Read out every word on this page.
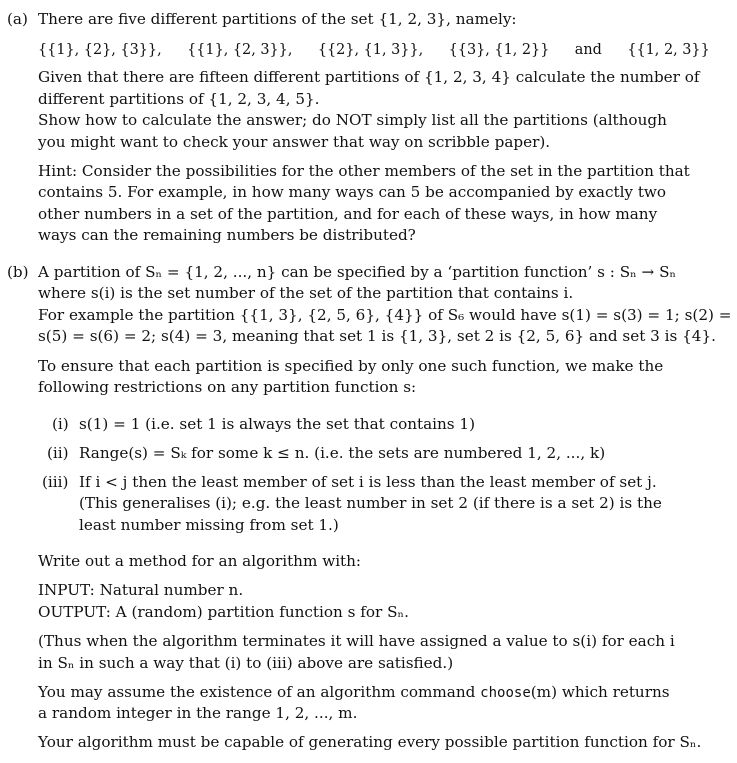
(a) There are five different partitions of the set {1, 2, 3}, namely:
{{1}, {2}, {3}}, {{1}, {2, 3}}, {{2}, {1, 3}}, {{3}, {1, 2}} and {{1, 2, 3}}
Given that there are fifteen different partitions of {1, 2, 3, 4} calculate the number of
different partitions of {1, 2, 3, 4, 5}.
Show how to calculate the answer; do NOT simply list all the partitions (although
you might want to check your answer that way on scribble paper).
Hint: Consider the possibilities for the other members of the set in the partition that
contains 5. For example, in how many ways can 5 be accompanied by exactly two
other numbers in a set of the partition, and for each of these ways, in how many
ways can the remaining numbers be distributed?
(b) A partition of Sₙ = {1, 2, ..., n} can be specified by a ‘partition function’ s : Sₙ → Sₙ
where s(i) is the set number of the set of the partition that contains i.
For example the partition {{1, 3}, {2, 5, 6}, {4}} of S₆ would have s(1) = s(3) = 1; s(2) =
s(5) = s(6) = 2; s(4) = 3, meaning that set 1 is {1, 3}, set 2 is {2, 5, 6} and set 3 is {4}.
To ensure that each partition is specified by only one such function, we make the
following restrictions on any partition function s:
(i) s(1) = 1 (i.e. set 1 is always the set that contains 1)
(ii) Range(s) = Sₖ for some k ≤ n. (i.e. the sets are numbered 1, 2, ..., k)
(iii) If i < j then the least member of set i is less than the least member of set j.
(This generalises (i); e.g. the least number in set 2 (if there is a set 2) is the
least number missing from set 1.)
Write out a method for an algorithm with:
INPUT: Natural number n.
OUTPUT: A (random) partition function s for Sₙ.
(Thus when the algorithm terminates it will have assigned a value to s(i) for each i
in Sₙ in such a way that (i) to (iii) above are satisfied.)
You may assume the existence of an algorithm command choose(m) which returns
a random integer in the range 1, 2, ..., m.
Your algorithm must be capable of generating every possible partition function for Sₙ.
